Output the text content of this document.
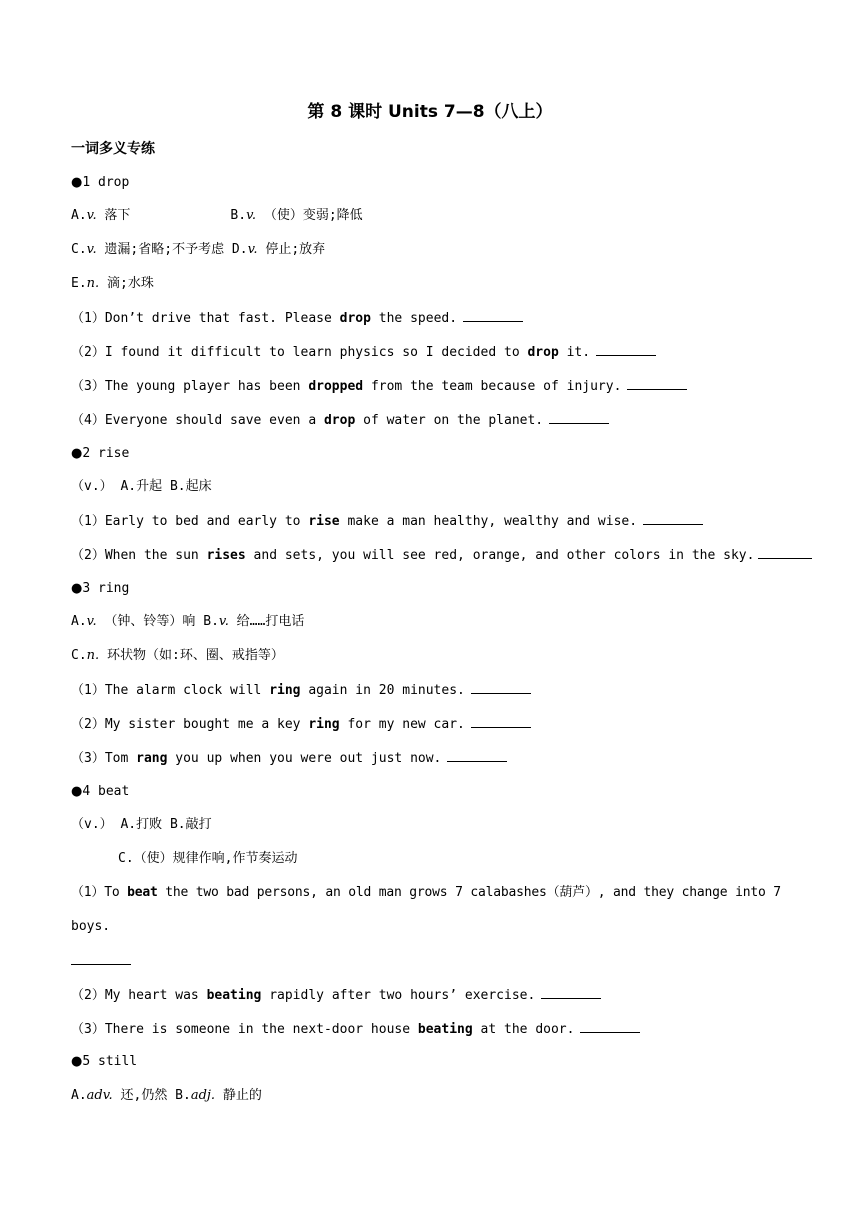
第 8 课时 Units 7—8（八上）
一词多义专练
●1 drop
A.v. 落下	B.v. （使）变弱;降低
C.v. 遗漏;省略;不予考虑 D.v. 停止;放弃
E.n. 滴;水珠
（1）Don’t drive that fast. Please drop the speed.
（2）I found it difficult to learn physics so I decided to drop it.
（3）The young player has been dropped from the team because of injury.
（4）Everyone should save even a drop of water on the planet.
●2 rise
（v.） A.升起 B.起床
（1）Early to bed and early to rise make a man healthy, wealthy and wise.
（2）When the sun rises and sets, you will see red, orange, and other colors in the sky.
●3 ring
A.v. （钟、铃等）响 B.v. 给……打电话
C.n. 环状物（如:环、圈、戒指等）
（1）The alarm clock will ring again in 20 minutes.
（2）My sister bought me a key ring for my new car.
（3）Tom rang you up when you were out just now.
●4 beat
（v.） A.打败 B.敲打
C.（使）规律作响,作节奏运动
（1）To beat the two bad persons, an old man grows 7 calabashes（葫芦）, and they change into 7
boys.
（2）My heart was beating rapidly after two hours’ exercise.
（3）There is someone in the next-door house beating at the door.
●5 still
A.adv. 还,仍然 B.adj. 静止的
